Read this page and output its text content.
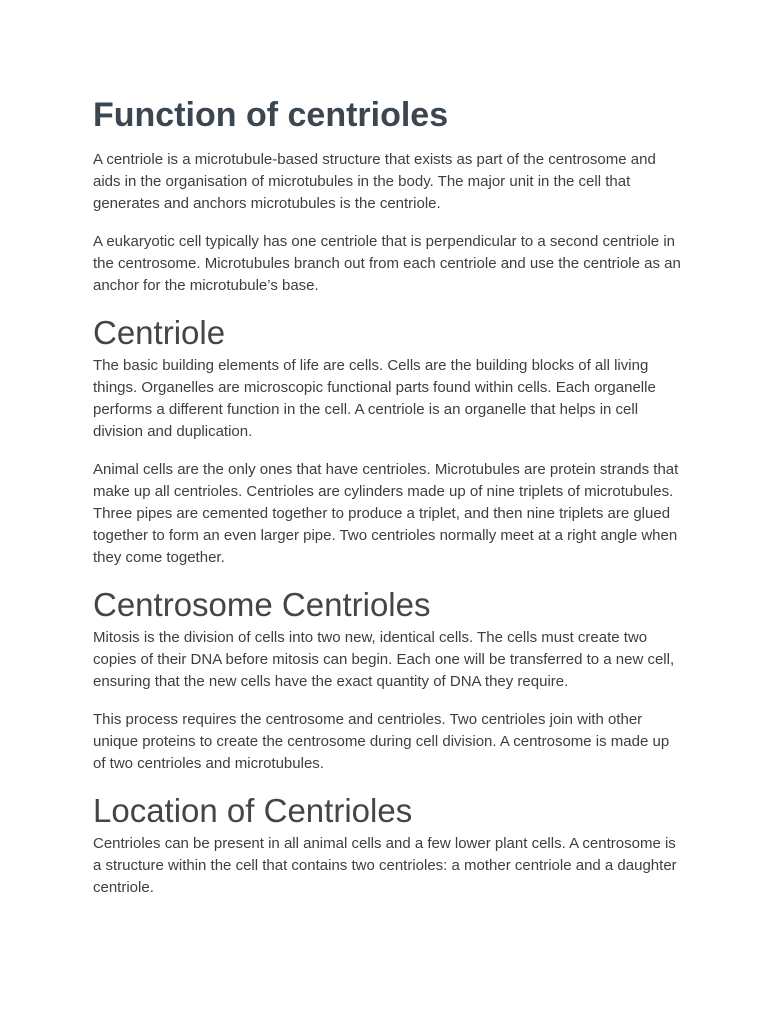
Function of centrioles

A centriole is a microtubule-based structure that exists as part of the centrosome and aids in the organisation of microtubules in the body. The major unit in the cell that generates and anchors microtubules is the centriole.

A eukaryotic cell typically has one centriole that is perpendicular to a second centriole in the centrosome. Microtubules branch out from each centriole and use the centriole as an anchor for the microtubule’s base.

Centriole

The basic building elements of life are cells. Cells are the building blocks of all living things. Organelles are microscopic functional parts found within cells. Each organelle performs a different function in the cell. A centriole is an organelle that helps in cell division and duplication.

Animal cells are the only ones that have centrioles. Microtubules are protein strands that make up all centrioles. Centrioles are cylinders made up of nine triplets of microtubules. Three pipes are cemented together to produce a triplet, and then nine triplets are glued together to form an even larger pipe. Two centrioles normally meet at a right angle when they come together.

Centrosome Centrioles

Mitosis is the division of cells into two new, identical cells. The cells must create two copies of their DNA before mitosis can begin. Each one will be transferred to a new cell, ensuring that the new cells have the exact quantity of DNA they require.

This process requires the centrosome and centrioles. Two centrioles join with other unique proteins to create the centrosome during cell division. A centrosome is made up of two centrioles and microtubules.

Location of Centrioles

Centrioles can be present in all animal cells and a few lower plant cells. A centrosome is a structure within the cell that contains two centrioles: a mother centriole and a daughter centriole.
